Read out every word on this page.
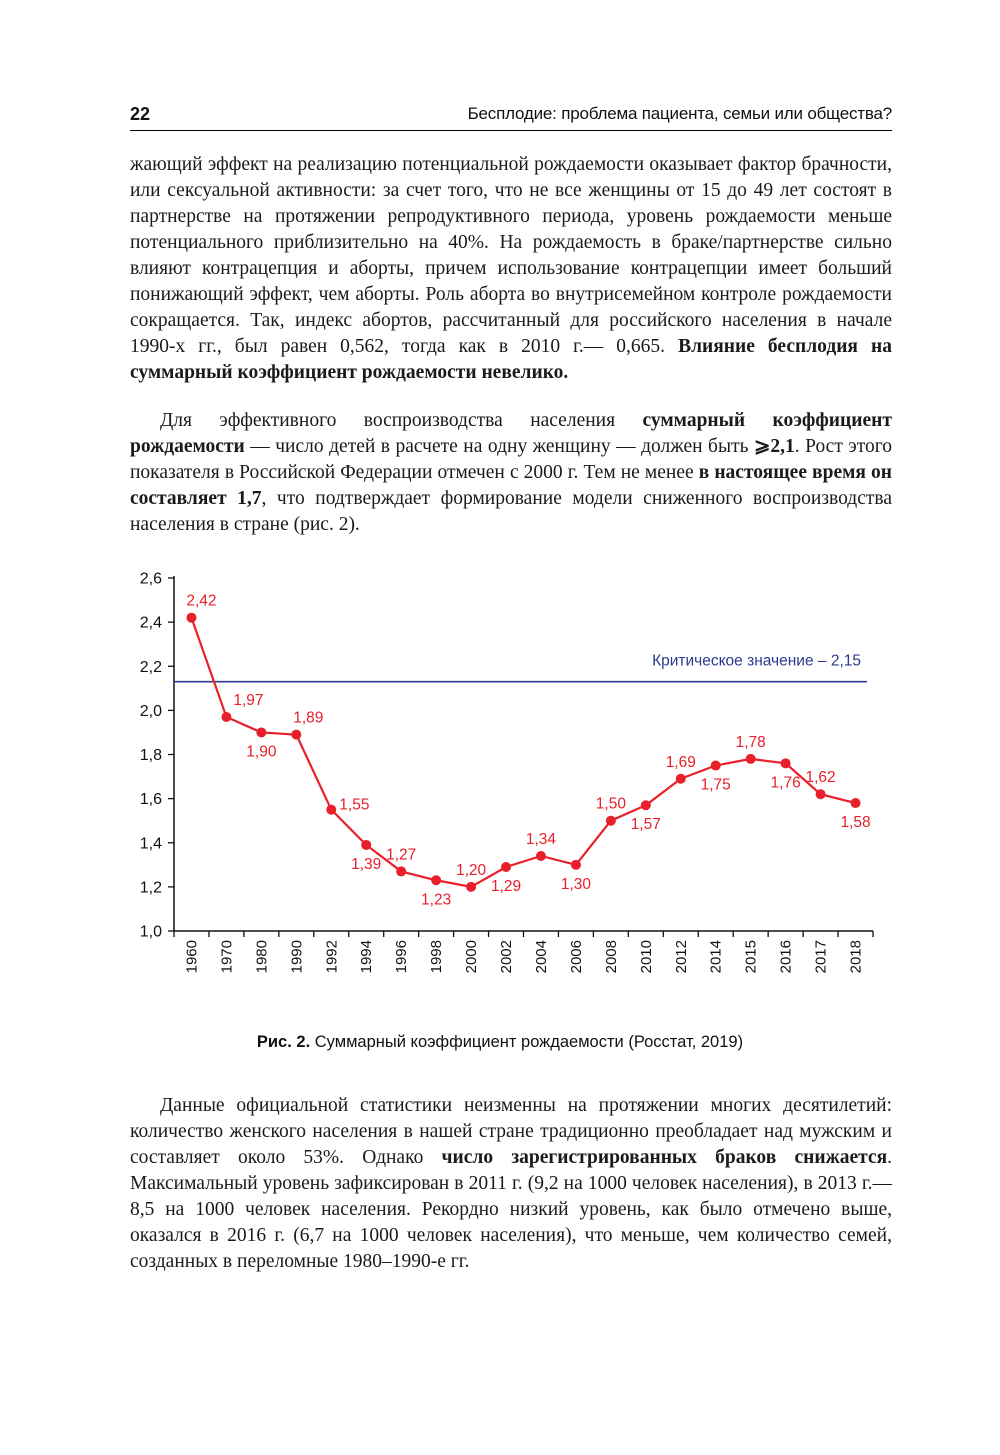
22	Бесплодие: проблема пациента, семьи или общества?

жающий эффект на реализацию потенциальной рождаемости оказывает фактор брачности, или сексуальной активности: за счет того, что не все женщины от 15 до 49 лет состоят в партнерстве на протяжении репродуктивного периода, уровень рождаемости меньше потенциального приблизительно на 40%. На рождаемость в браке/партнерстве сильно влияют контрацепция и аборты, причем использование контрацепции имеет больший понижающий эффект, чем аборты. Роль аборта во внутрисемейном контроле рождаемости сокращается. Так, индекс абортов, рассчитанный для российского населения в начале 1990-х гг., был равен 0,562, тогда как в 2010 г.— 0,665. Влияние бесплодия на суммарный коэффициент рождаемости невелико.

Для эффективного воспроизводства населения суммарный коэффициент рождаемости — число детей в расчете на одну женщину — должен быть ⩾2,1. Рост этого показателя в Российской Федерации отмечен с 2000 г. Тем не менее в настоящее время он составляет 1,7, что подтверждает формирование модели сниженного воспроизводства населения в стране (рис. 2).

1,0
1,2
1,4
1,6
1,8
2,0
2,2
2,4
2,6
1960 1970 1980 1990 1992 1994 1996 1998 2000 2002 2004 2006 2008 2010 2012 2014 2015 2016 2017 2018
Критическое значение – 2,15
2,42
1,97
1,90
1,89
1,55
1,39
1,27
1,23
1,20
1,29
1,34
1,30
1,50
1,57
1,69
1,75
1,78
1,76 1,62
1,58
Рис. 2. Суммарный коэффициент рождаемости (Росстат, 2019)

Данные официальной статистики неизменны на протяжении многих десятилетий: количество женского населения в нашей стране традиционно преобладает над мужским и составляет около 53%. Однако число зарегистрированных браков снижается. Максимальный уровень зафиксирован в 2011 г. (9,2 на 1000 человек населения), в 2013 г.— 8,5 на 1000 человек населения. Рекордно низкий уровень, как было отмечено выше, оказался в 2016 г. (6,7 на 1000 человек населения), что меньше, чем количество семей, созданных в переломные 1980–1990-е гг.
